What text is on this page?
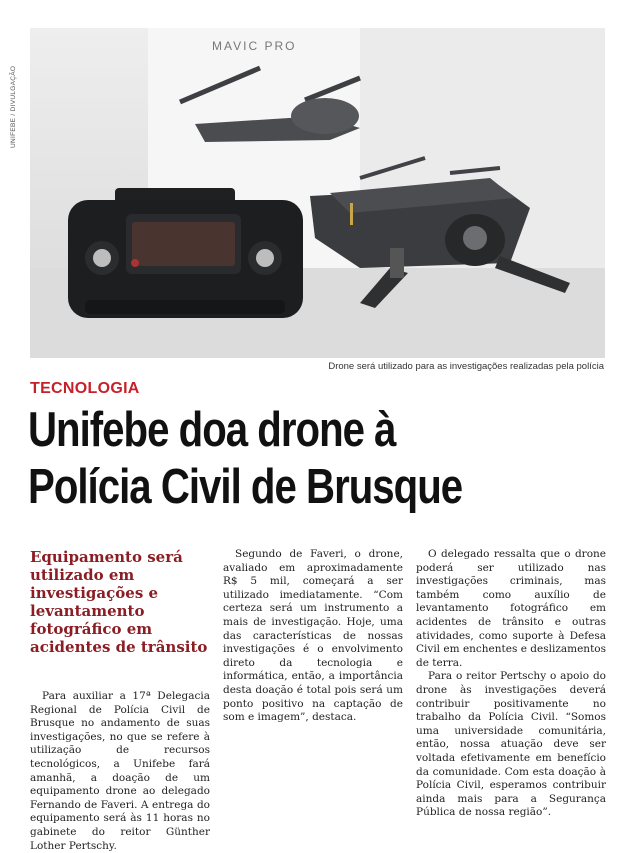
UNIFEBE / DIVULGAÇÃO
MAVIC PRO
Drone será utilizado para as investigações realizadas pela polícia
TECNOLOGIA
Unifebe doa drone à
Polícia Civil de Brusque
Equipamento será utilizado em investigações e levantamento fotográfico em acidentes de trânsito

Para auxiliar a 17ª Delegacia Regional de Polícia Civil de Brusque no andamento de suas investigações, no que se refere à utilização de recursos tecnológicos, a Unifebe fará amanhã, a doação de um equipamento drone ao delegado Fernando de Faveri. A entrega do equipamento será às 11 horas no gabinete do reitor Günther Lother Pertschy.

Segundo de Faveri, o drone, avaliado em aproximadamente R$ 5 mil, começará a ser utilizado imediatamente. “Com certeza será um instrumento a mais de investigação. Hoje, uma das características de nossas investigações é o envolvimento direto da tecnologia e informática, então, a importância desta doação é total pois será um ponto positivo na captação de som e imagem”, destaca.

O delegado ressalta que o drone poderá ser utilizado nas investigações criminais, mas também como auxílio de levantamento fotográfico em acidentes de trânsito e outras atividades, como suporte à Defesa Civil em enchentes e deslizamentos de terra.

Para o reitor Pertschy o apoio do drone às investigações deverá contribuir positivamente no trabalho da Polícia Civil. “Somos uma universidade comunitária, então, nossa atuação deve ser voltada efetivamente em benefício da comunidade. Com esta doação à Polícia Civil, esperamos contribuir ainda mais para a Segurança Pública de nossa região”.
